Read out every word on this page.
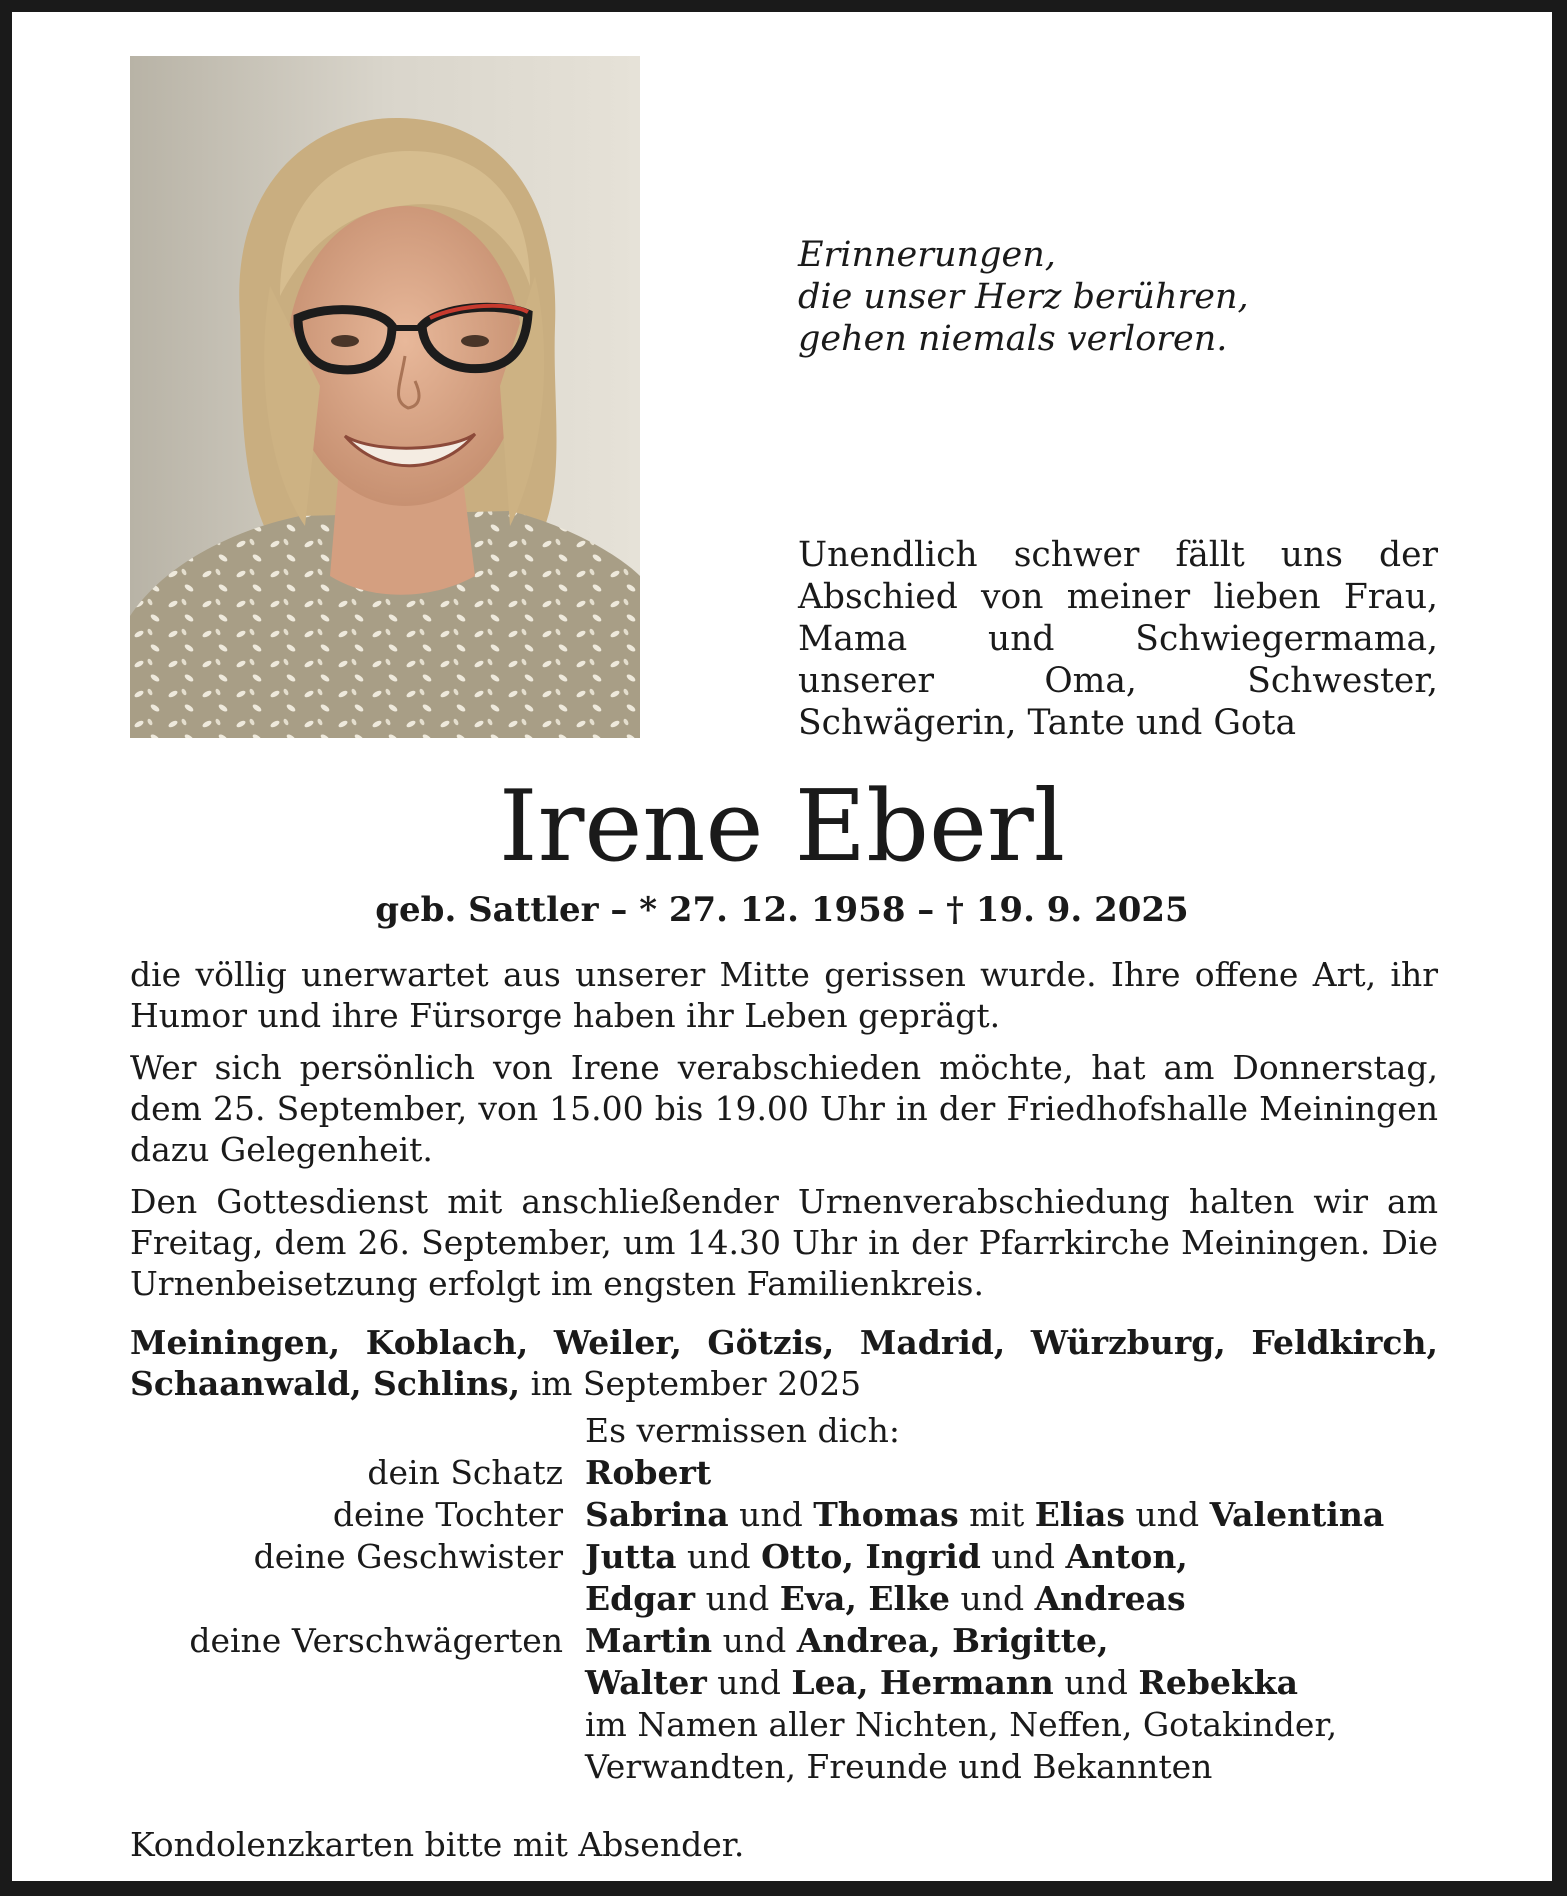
Erinnerungen,
die unser Herz berühren,
gehen niemals verloren.

Unendlich schwer fällt uns der Abschied von meiner lieben Frau, Mama und Schwiegermama, unserer Oma, Schwester, Schwägerin, Tante und Gota

Irene Eberl

geb. Sattler – * 27. 12. 1958 – † 19. 9. 2025

die völlig unerwartet aus unserer Mitte gerissen wurde. Ihre offene Art, ihr Humor und ihre Fürsorge haben ihr Leben geprägt.

Wer sich persönlich von Irene verabschieden möchte, hat am Donnerstag, dem 25. September, von 15.00 bis 19.00 Uhr in der Friedhofshalle Meiningen dazu Gelegenheit.

Den Gottesdienst mit anschließender Urnenverabschiedung halten wir am Freitag, dem 26. September, um 14.30 Uhr in der Pfarrkirche Meiningen. Die Urnenbeisetzung erfolgt im engsten Familienkreis.

Meiningen, Koblach, Weiler, Götzis, Madrid, Würzburg, Feldkirch, Schaanwald, Schlins, im September 2025

Es vermissen dich:
dein Schatz Robert
deine Tochter Sabrina und Thomas mit Elias und Valentina
deine Geschwister Jutta und Otto, Ingrid und Anton,
Edgar und Eva, Elke und Andreas
deine Verschwägerten Martin und Andrea, Brigitte,
Walter und Lea, Hermann und Rebekka
im Namen aller Nichten, Neffen, Gotakinder,
Verwandten, Freunde und Bekannten

Kondolenzkarten bitte mit Absender.
